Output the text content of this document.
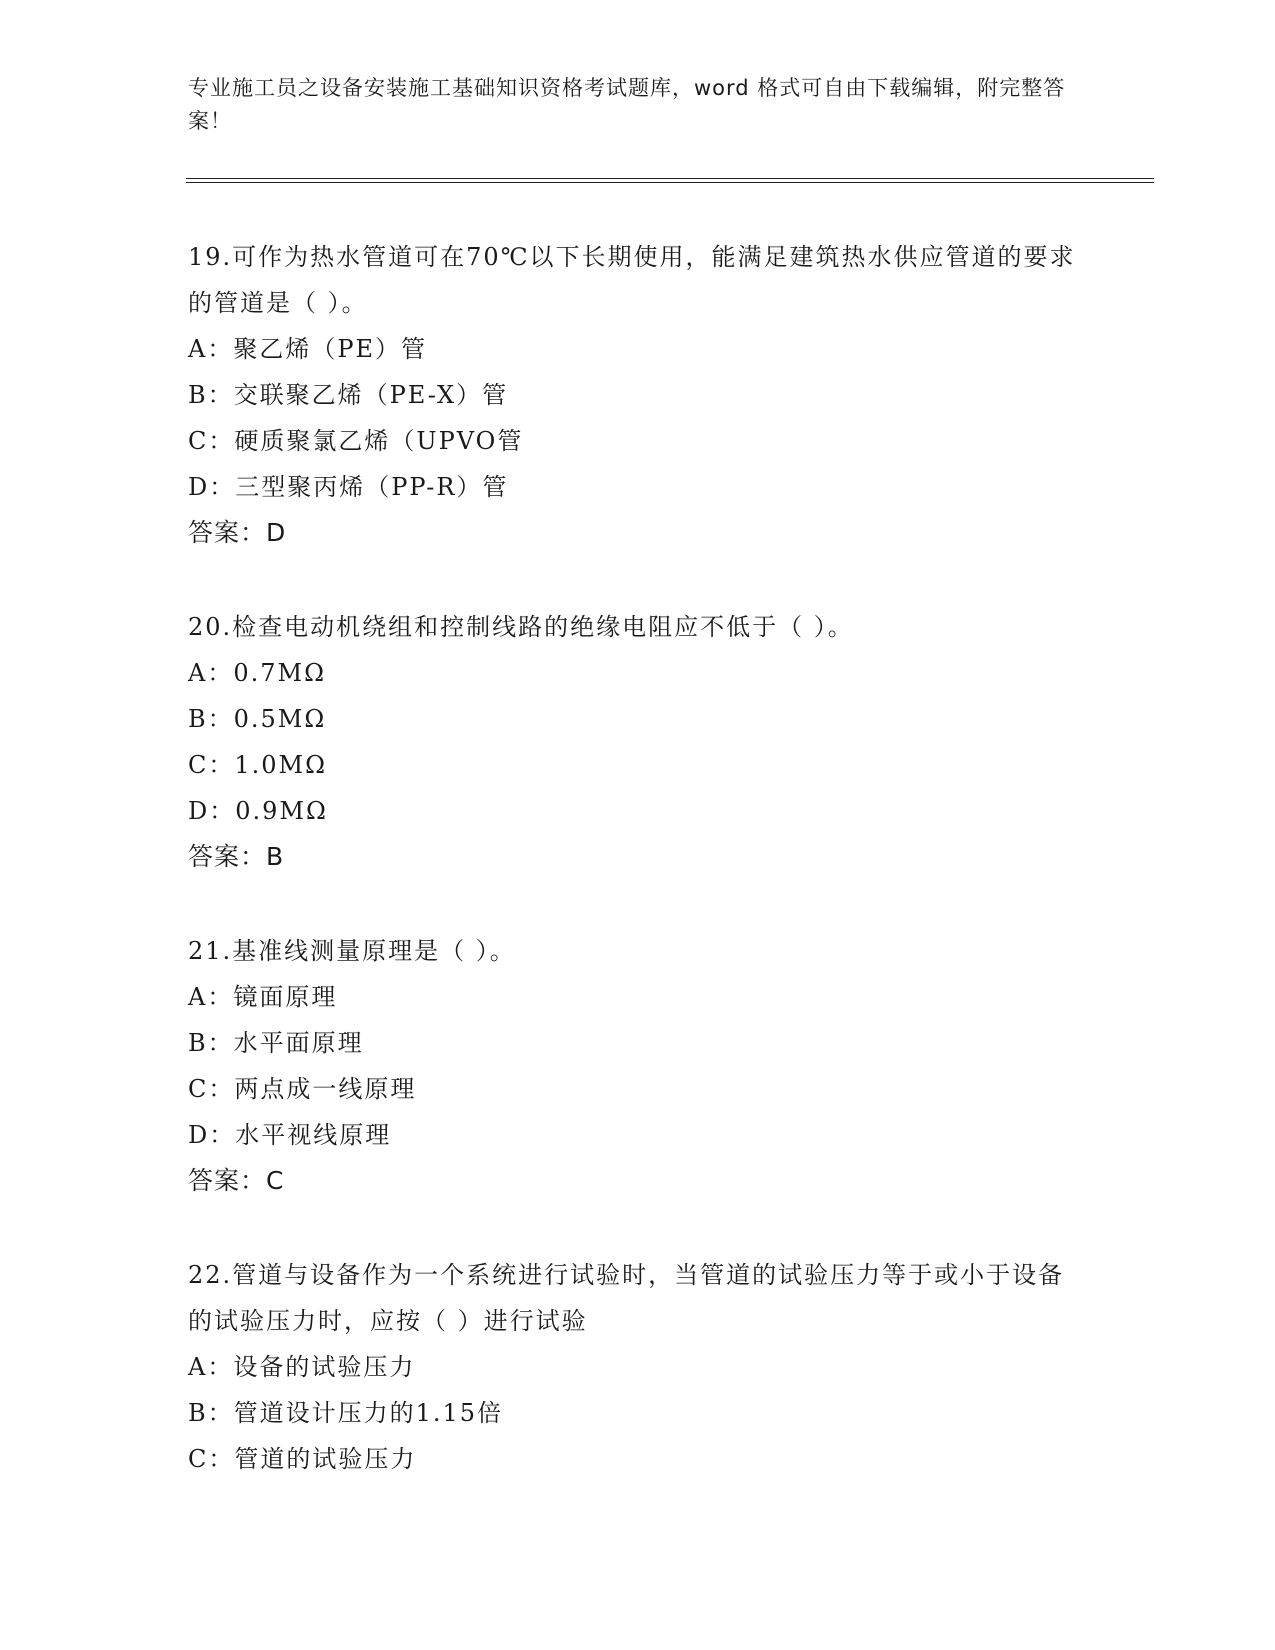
专业施工员之设备安装施工基础知识资格考试题库，word 格式可自由下载编辑，附完整答案！
19.可作为热水管道可在70℃以下长期使用，能满足建筑热水供应管道的要求的管道是（ ）。
A：聚乙烯（PE）管
B：交联聚乙烯（PE-X）管
C：硬质聚氯乙烯（UPVO管
D：三型聚丙烯（PP-R）管
答案：D
20.检查电动机绕组和控制线路的绝缘电阻应不低于（ ）。
A：0.7MΩ
B：0.5MΩ
C：1.0MΩ
D：0.9MΩ
答案：B
21.基准线测量原理是（ ）。
A：镜面原理
B：水平面原理
C：两点成一线原理
D：水平视线原理
答案：C
22.管道与设备作为一个系统进行试验时，当管道的试验压力等于或小于设备的试验压力时，应按（ ）进行试验
A：设备的试验压力
B：管道设计压力的1.15倍
C：管道的试验压力
